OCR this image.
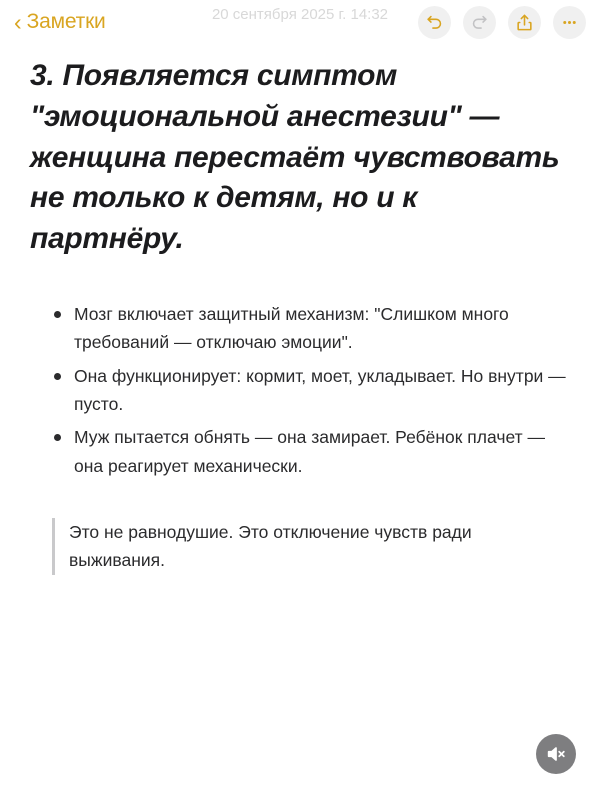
‹ Заметки	20 сентября 2025 г. 14:32
3. Появляется симптом "эмоциональной анестезии" — женщина перестаёт чувствовать не только к детям, но и к партнёру.
Мозг включает защитный механизм: "Слишком много требований — отключаю эмоции".
Она функционирует: кормит, моет, укладывает. Но внутри — пусто.
Муж пытается обнять — она замирает. Ребёнок плачет — она реагирует механически.
Это не равнодушие. Это отключение чувств ради выживания.
